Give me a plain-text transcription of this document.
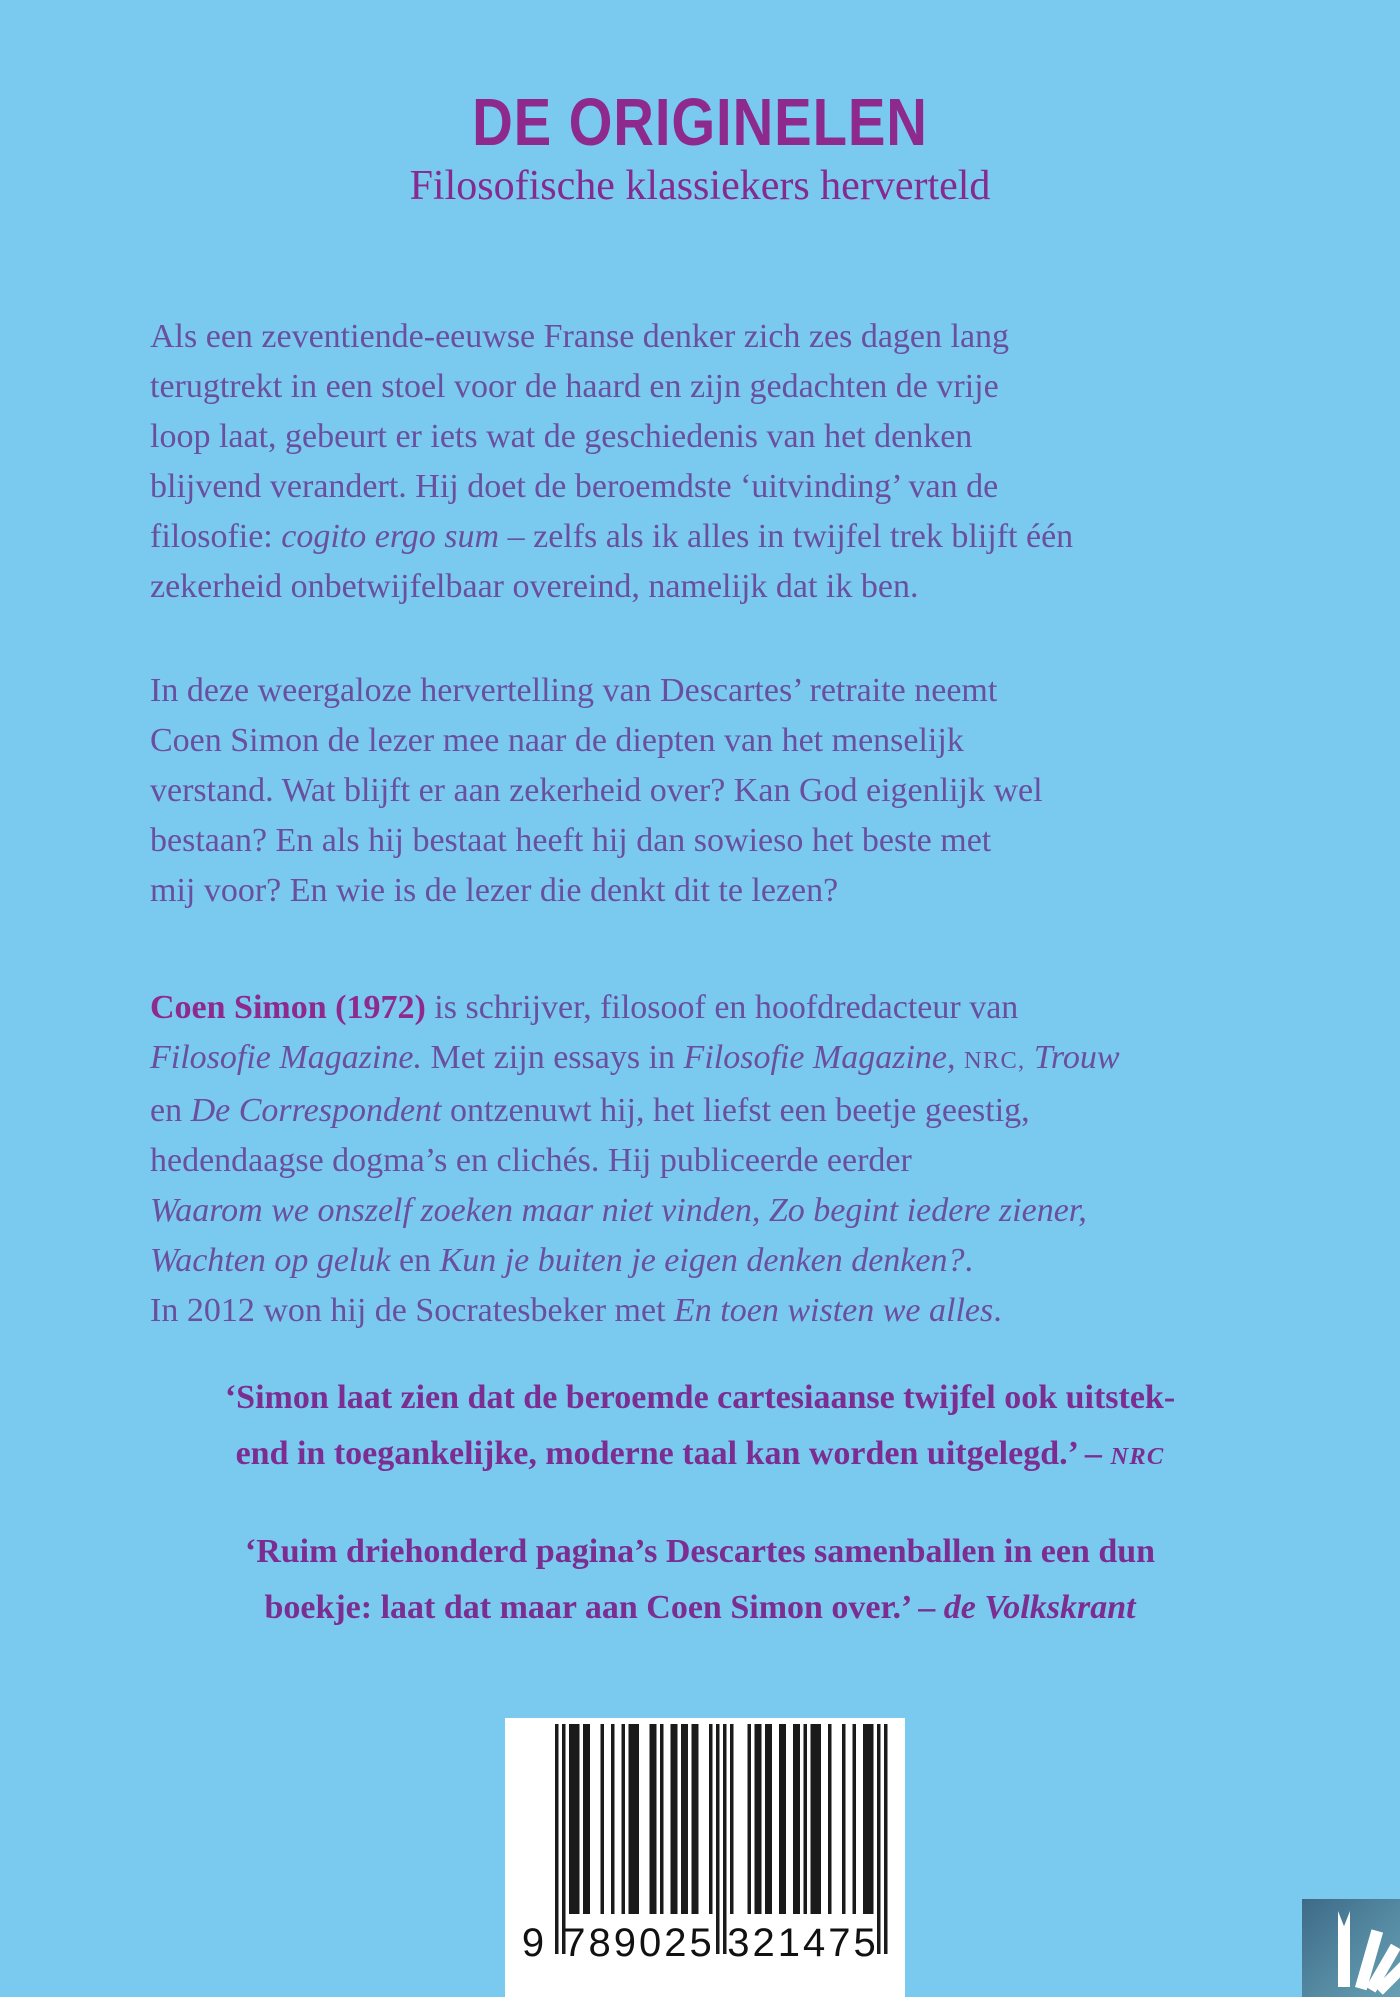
DE ORIGINELEN
Filosofische klassiekers herverteld
Als een zeventiende-eeuwse Franse denker zich zes dagen lang
terugtrekt in een stoel voor de haard en zijn gedachten de vrije
loop laat, gebeurt er iets wat de geschiedenis van het denken
blijvend verandert. Hij doet de beroemdste ‘uitvinding’ van de
filosofie: cogito ergo sum – zelfs als ik alles in twijfel trek blijft één
zekerheid onbetwijfelbaar overeind, namelijk dat ik ben.
In deze weergaloze hervertelling van Descartes’ retraite neemt
Coen Simon de lezer mee naar de diepten van het menselijk
verstand. Wat blijft er aan zekerheid over? Kan God eigenlijk wel
bestaan? En als hij bestaat heeft hij dan sowieso het beste met
mij voor? En wie is de lezer die denkt dit te lezen?
Coen Simon (1972) is schrijver, filosoof en hoofdredacteur van
Filosofie Magazine. Met zijn essays in Filosofie Magazine, NRC, Trouw
en De Correspondent ontzenuwt hij, het liefst een beetje geestig,
hedendaagse dogma’s en clichés. Hij publiceerde eerder
Waarom we onszelf zoeken maar niet vinden, Zo begint iedere ziener,
Wachten op geluk en Kun je buiten je eigen denken denken?.
In 2012 won hij de Socratesbeker met En toen wisten we alles.
‘Simon laat zien dat de beroemde cartesiaanse twijfel ook uitstek-
end in toegankelijke, moderne taal kan worden uitgelegd.’ – NRC
‘Ruim driehonderd pagina’s Descartes samenballen in een dun
boekje: laat dat maar aan Coen Simon over.’ – de Volkskrant
9 789025 321475
